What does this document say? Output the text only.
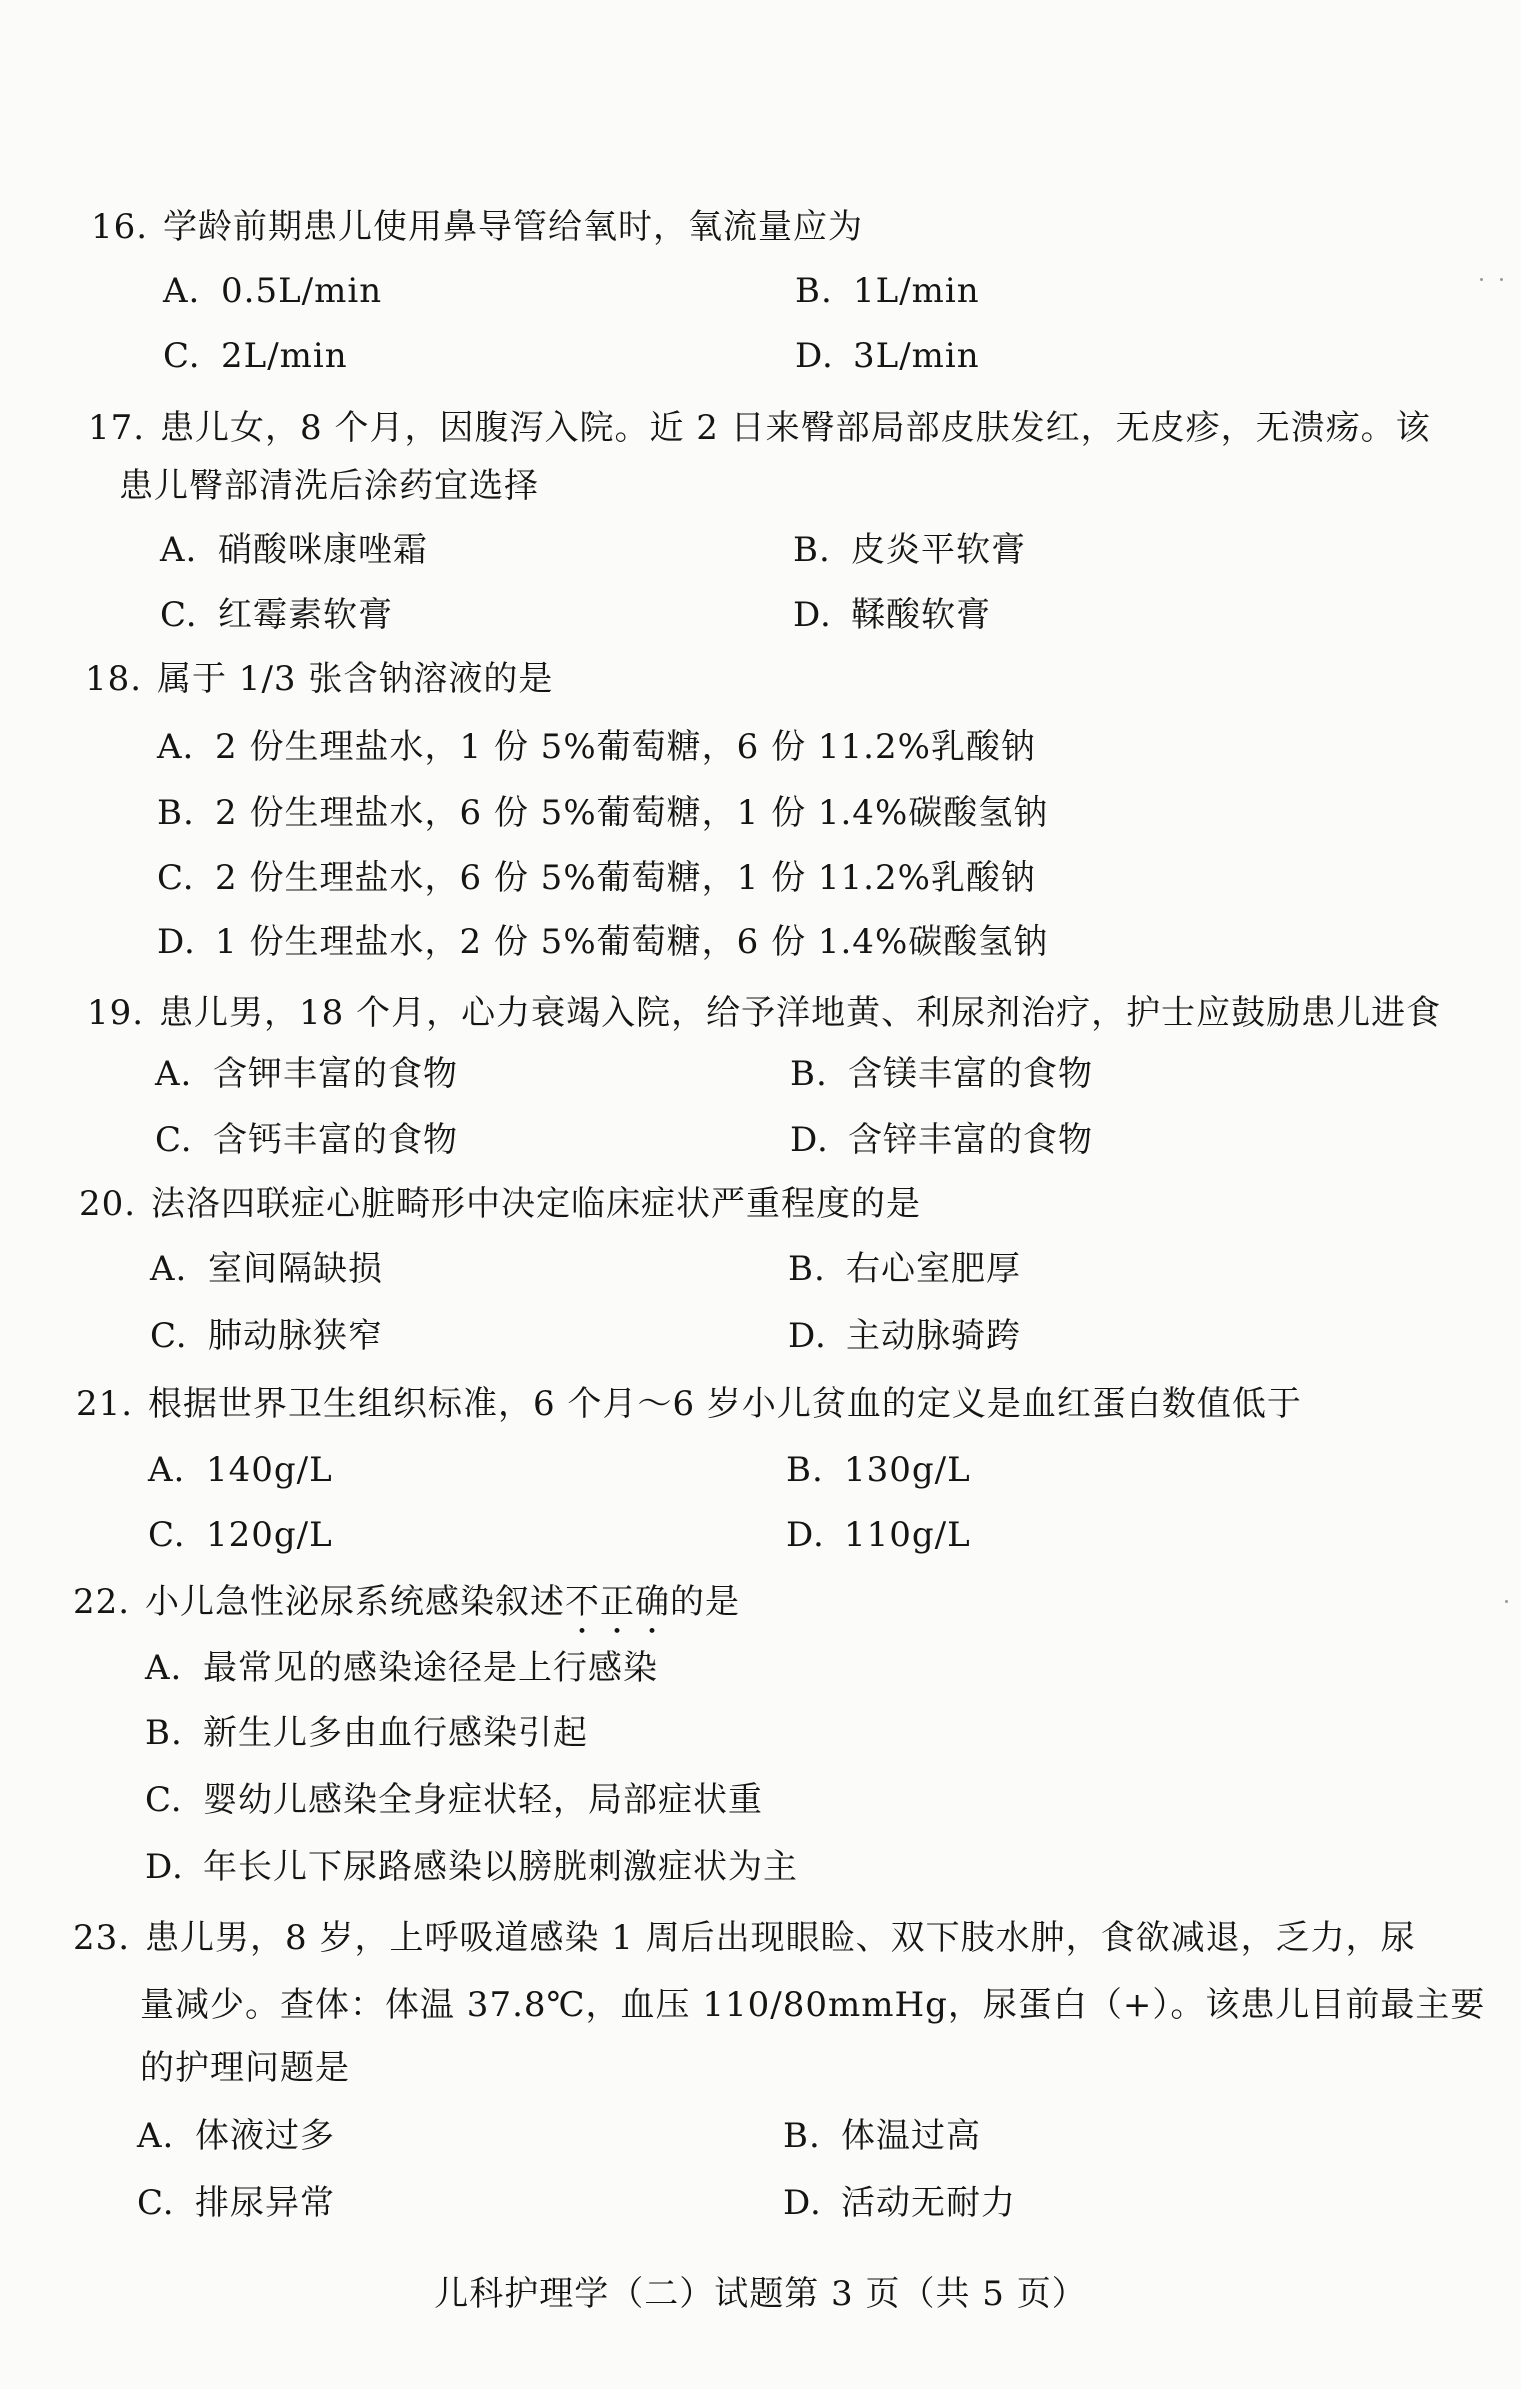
16. 学龄前期患儿使用鼻导管给氧时，氧流量应为
A. 0.5L/min	B. 1L/min
C. 2L/min	D. 3L/min
17. 患儿女，8 个月，因腹泻入院。近 2 日来臀部局部皮肤发红，无皮疹，无溃疡。该
患儿臀部清洗后涂药宜选择
A. 硝酸咪康唑霜	B. 皮炎平软膏
C. 红霉素软膏	D. 鞣酸软膏
18. 属于 1/3 张含钠溶液的是
A. 2 份生理盐水，1 份 5%葡萄糖，6 份 11.2%乳酸钠
B. 2 份生理盐水，6 份 5%葡萄糖，1 份 1.4%碳酸氢钠
C. 2 份生理盐水，6 份 5%葡萄糖，1 份 11.2%乳酸钠
D. 1 份生理盐水，2 份 5%葡萄糖，6 份 1.4%碳酸氢钠
19. 患儿男，18 个月，心力衰竭入院，给予洋地黄、利尿剂治疗，护士应鼓励患儿进食
A. 含钾丰富的食物	B. 含镁丰富的食物
C. 含钙丰富的食物	D. 含锌丰富的食物
20. 法洛四联症心脏畸形中决定临床症状严重程度的是
A. 室间隔缺损	B. 右心室肥厚
C. 肺动脉狭窄	D. 主动脉骑跨
21. 根据世界卫生组织标准，6 个月～6 岁小儿贫血的定义是血红蛋白数值低于
A. 140g/L	B. 130g/L
C. 120g/L	D. 110g/L
22. 小儿急性泌尿系统感染叙述不正确的是
A. 最常见的感染途径是上行感染
B. 新生儿多由血行感染引起
C. 婴幼儿感染全身症状轻，局部症状重
D. 年长儿下尿路感染以膀胱刺激症状为主
23. 患儿男，8 岁，上呼吸道感染 1 周后出现眼睑、双下肢水肿，食欲减退，乏力，尿
量减少。查体：体温 37.8℃，血压 110/80mmHg，尿蛋白（+）。该患儿目前最主要
的护理问题是
A. 体液过多	B. 体温过高
C. 排尿异常	D. 活动无耐力
儿科护理学（二）试题第 3 页（共 5 页）
